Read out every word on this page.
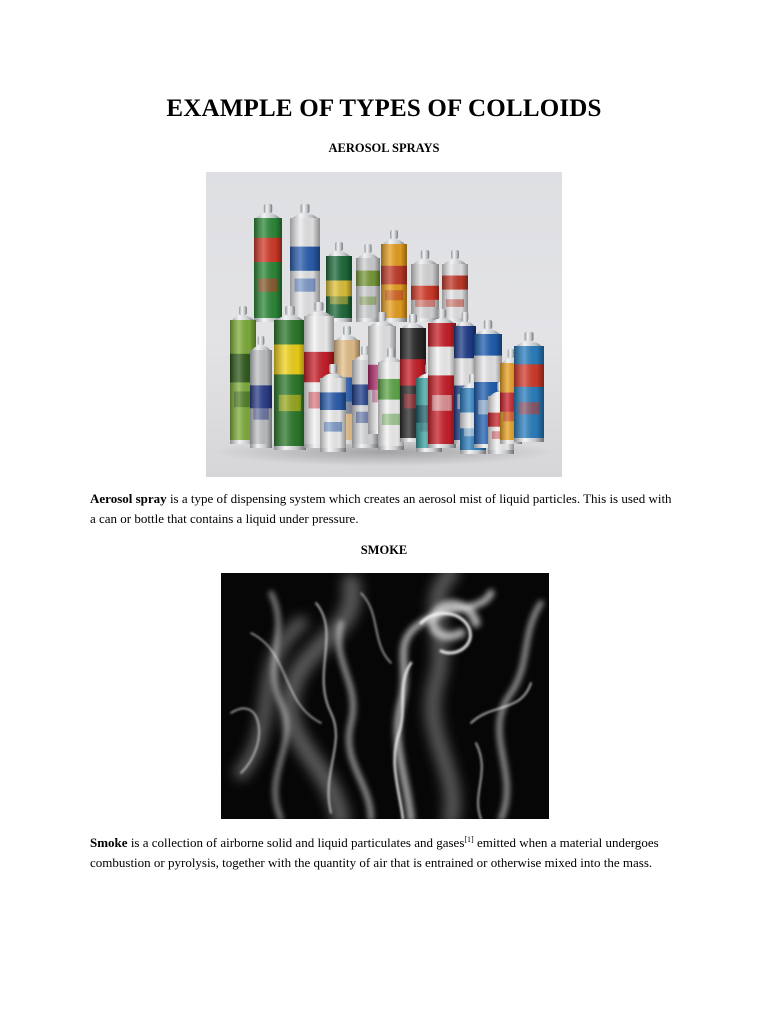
EXAMPLE OF TYPES OF COLLOIDS
AEROSOL SPRAYS

Aerosol spray is a type of dispensing system which creates an aerosol mist of liquid particles. This is used with a can or bottle that contains a liquid under pressure.

SMOKE

Smoke is a collection of airborne solid and liquid particulates and gases[1] emitted when a material undergoes combustion or pyrolysis, together with the quantity of air that is entrained or otherwise mixed into the mass.
